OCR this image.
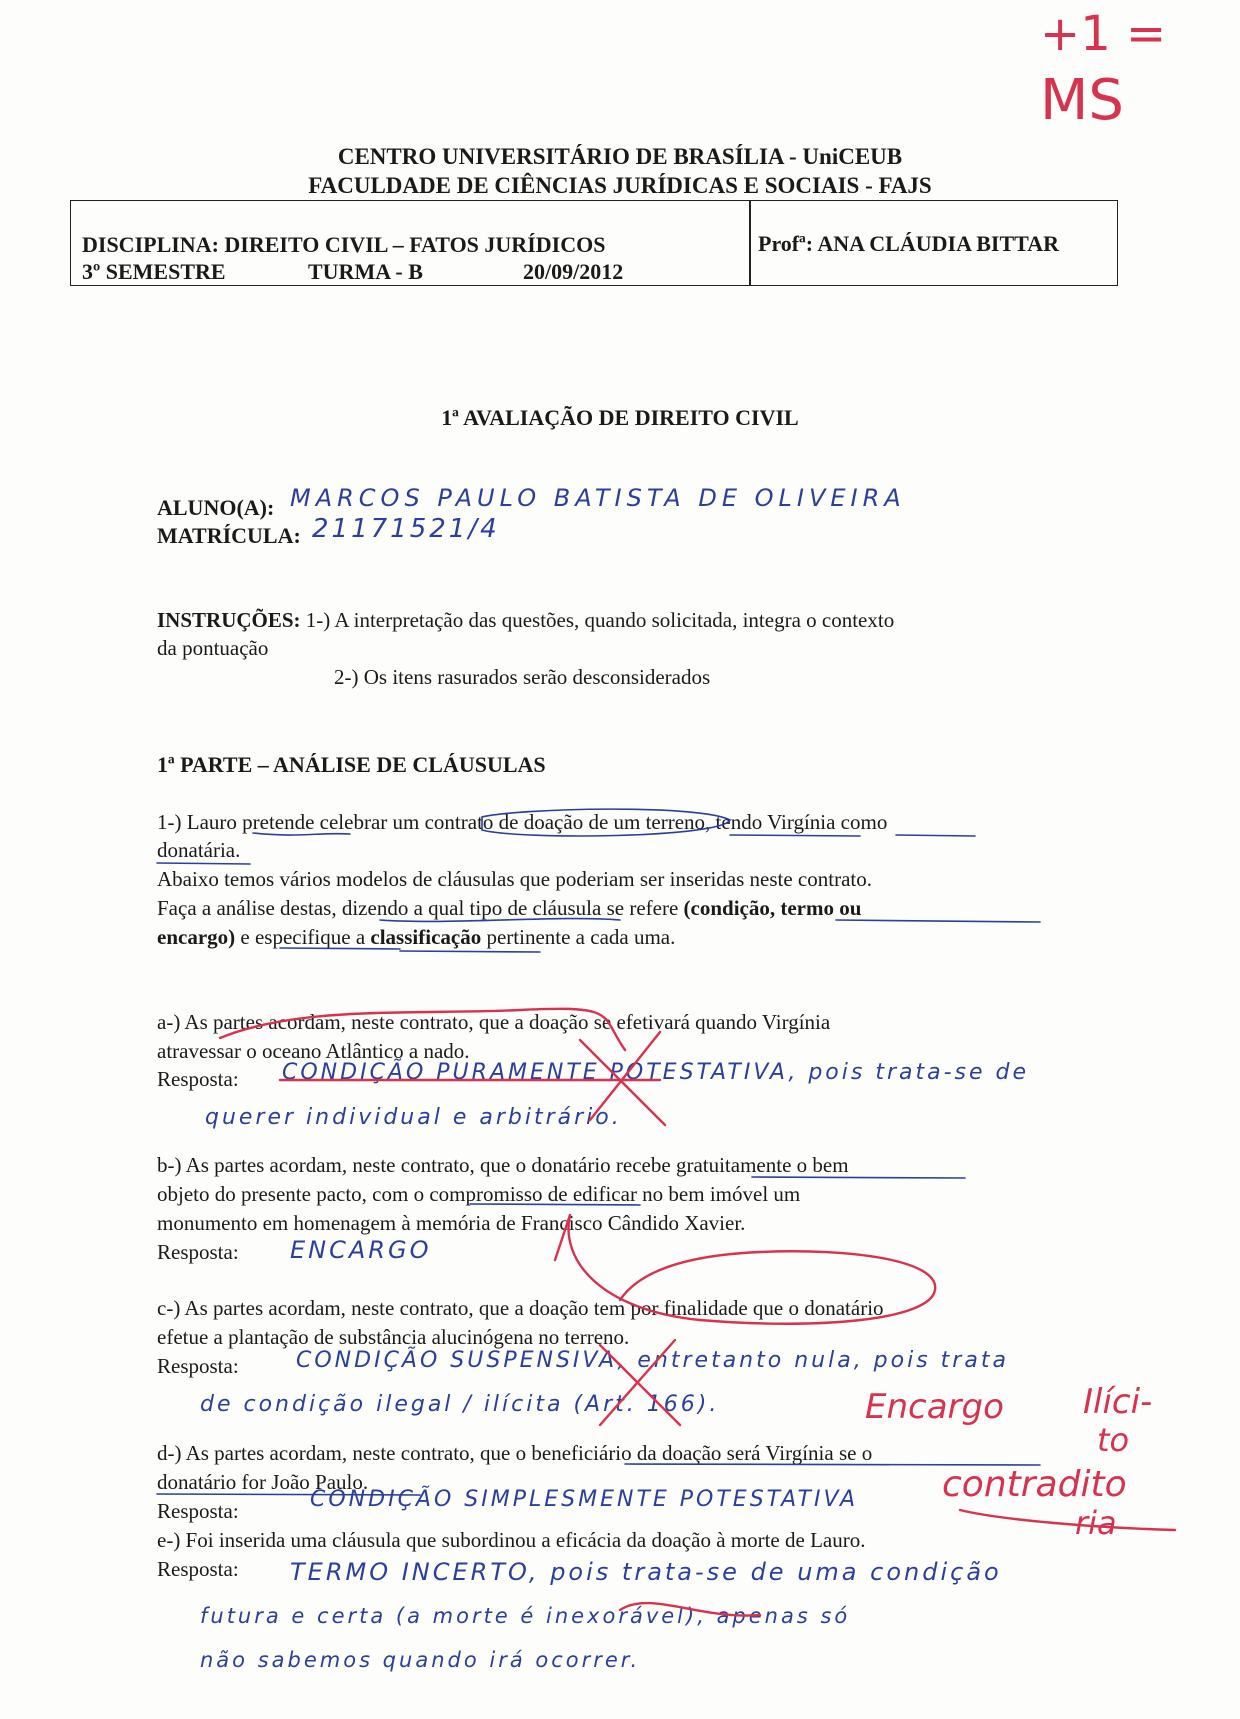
CENTRO UNIVERSITÁRIO DE BRASÍLIA - UniCEUB
FACULDADE DE CIÊNCIAS JURÍDICAS E SOCIAIS - FAJS
DISCIPLINA: DIREITO CIVIL – FATOS JURÍDICOS
3º SEMESTRE	TURMA - B	20/09/2012
Profª: ANA CLÁUDIA BITTAR
1ª AVALIAÇÃO DE DIREITO CIVIL
ALUNO(A): MARCOS PAULO BATISTA DE OLIVEIRA
MATRÍCULA: 21171521/4
INSTRUÇÕES: 1-) A interpretação das questões, quando solicitada, integra o contexto
da pontuação
2-) Os itens rasurados serão desconsiderados
1ª PARTE – ANÁLISE DE CLÁUSULAS
1-) Lauro pretende celebrar um contrato de doação de um terreno, tendo Virgínia como
donatária.
Abaixo temos vários modelos de cláusulas que poderiam ser inseridas neste contrato.
Faça a análise destas, dizendo a qual tipo de cláusula se refere (condição, termo ou
encargo) e especifique a classificação pertinente a cada uma.
a-) As partes acordam, neste contrato, que a doação se efetivará quando Virgínia
atravessar o oceano Atlântico a nado.
Resposta: CONDIÇÃO PURAMENTE POTESTATIVA, pois trata-se de
querer individual e arbitrário.
b-) As partes acordam, neste contrato, que o donatário recebe gratuitamente o bem
objeto do presente pacto, com o compromisso de edificar no bem imóvel um
monumento em homenagem à memória de Francisco Cândido Xavier.
Resposta: ENCARGO
c-) As partes acordam, neste contrato, que a doação tem por finalidade que o donatário
efetue a plantação de substância alucinógena no terreno.
Resposta:	CONDIÇÃO SUSPENSIVA, entretanto nula, pois trata
de condição ilegal / ilícita (Art. 166).	Encargo Ilíci-
to
d-) As partes acordam, neste contrato, que o beneficiário da doação será Virgínia se o
donatário for João Paulo.
Resposta:	CONDIÇÃO SIMPLESMENTE POTESTATIVA contradito
ria
e-) Foi inserida uma cláusula que subordinou a eficácia da doação à morte de Lauro.
Resposta: TERMO INCERTO, pois trata-se de uma condição
futura e certa (a morte é inexorável), apenas só
não sabemos quando irá ocorrer.
+1 =
MS
